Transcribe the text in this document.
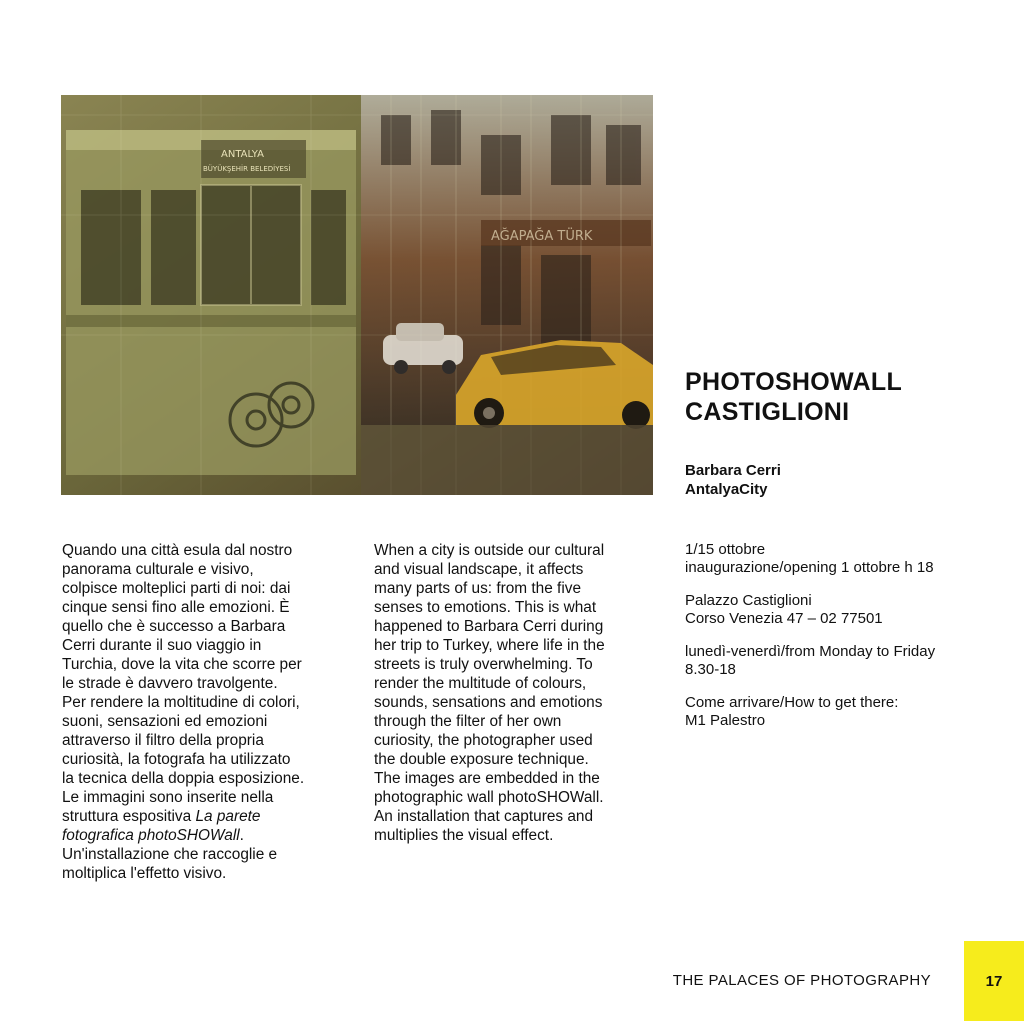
AĞAPAĞA TÜRK
ANTALYA
BÜYÜKŞEHİR BELEDİYESİ
PHOTOSHOWALL
CASTIGLIONI
Barbara Cerri
AntalyaCity

Quando una città esula dal nostro
panorama culturale e visivo,
colpisce molteplici parti di noi: dai
cinque sensi fino alle emozioni. È
quello che è successo a Barbara
Cerri durante il suo viaggio in
Turchia, dove la vita che scorre per
le strade è davvero travolgente.
Per rendere la moltitudine di colori,
suoni, sensazioni ed emozioni
attraverso il filtro della propria
curiosità, la fotografa ha utilizzato
la tecnica della doppia esposizione.
Le immagini sono inserite nella
struttura espositiva La parete
fotografica photoSHOWall.
Un'installazione che raccoglie e
moltiplica l'effetto visivo.

When a city is outside our cultural
and visual landscape, it affects
many parts of us: from the five
senses to emotions. This is what
happened to Barbara Cerri during
her trip to Turkey, where life in the
streets is truly overwhelming. To
render the multitude of colours,
sounds, sensations and emotions
through the filter of her own
curiosity, the photographer used
the double exposure technique.
The images are embedded in the
photographic wall photoSHOWall.
An installation that captures and
multiplies the visual effect.

1/15 ottobre
inaugurazione/opening 1 ottobre h 18
Palazzo Castiglioni
Corso Venezia 47 – 02 77501
lunedì-venerdì/from Monday to Friday
8.30-18
Come arrivare/How to get there:
M1 Palestro
THE PALACES OF PHOTOGRAPHY	17
